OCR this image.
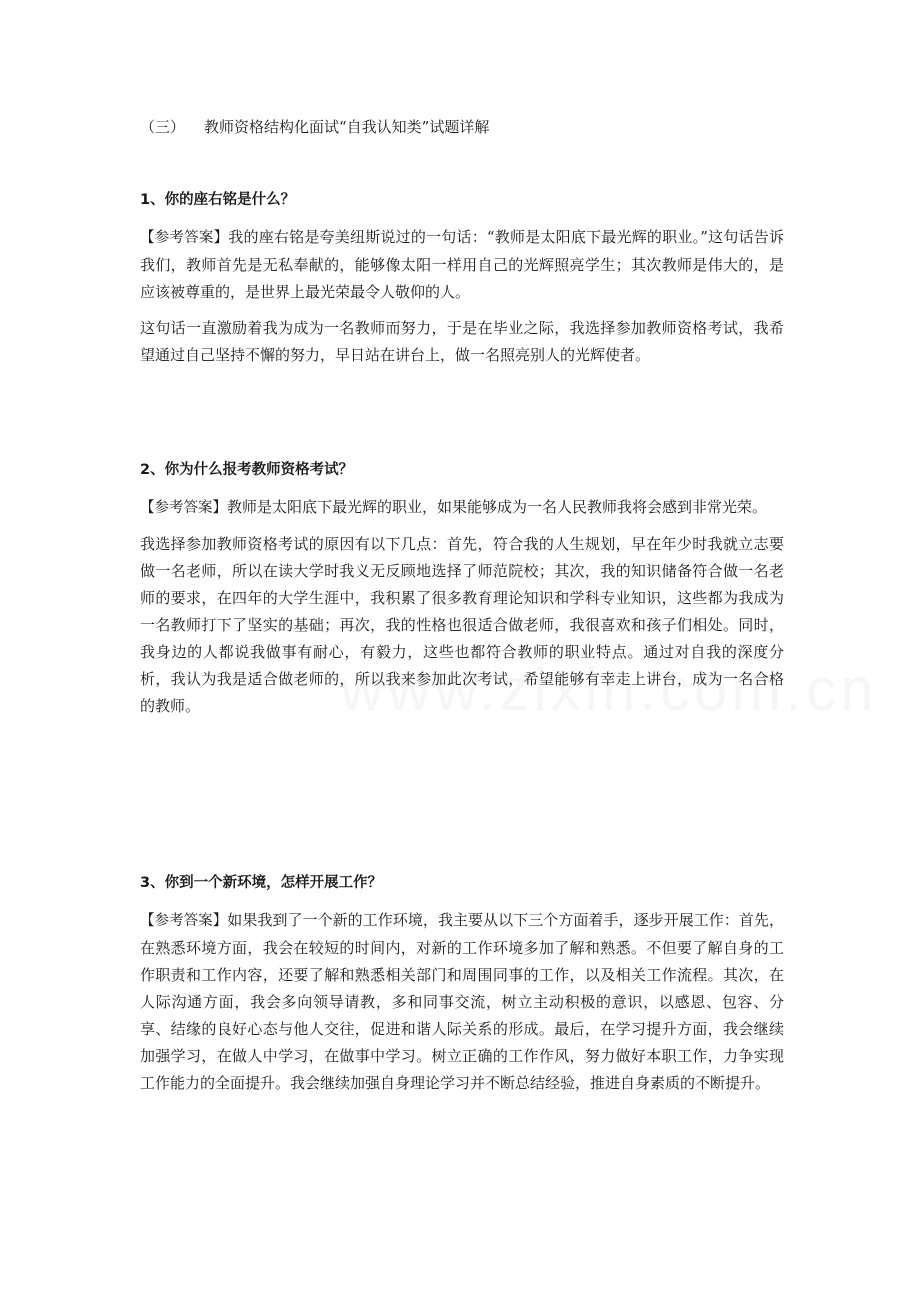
（三） 教师资格结构化面试“自我认知类”试题详解
1、你的座右铭是什么？

【参考答案】我的座右铭是夸美纽斯说过的一句话：“教师是太阳底下最光辉的职业。”这句话告诉我们，教师首先是无私奉献的，能够像太阳一样用自己的光辉照亮学生；其次教师是伟大的，是应该被尊重的，是世界上最光荣最令人敬仰的人。

这句话一直激励着我为成为一名教师而努力，于是在毕业之际，我选择参加教师资格考试，我希望通过自己坚持不懈的努力，早日站在讲台上，做一名照亮别人的光辉使者。

2、你为什么报考教师资格考试？

【参考答案】教师是太阳底下最光辉的职业，如果能够成为一名人民教师我将会感到非常光荣。

我选择参加教师资格考试的原因有以下几点：首先，符合我的人生规划，早在年少时我就立志要做一名老师，所以在读大学时我义无反顾地选择了师范院校；其次，我的知识储备符合做一名老师的要求，在四年的大学生涯中，我积累了很多教育理论知识和学科专业知识，这些都为我成为一名教师打下了坚实的基础；再次，我的性格也很适合做老师，我很喜欢和孩子们相处。同时，我身边的人都说我做事有耐心，有毅力，这些也都符合教师的职业特点。通过对自我的深度分析，我认为我是适合做老师的，所以我来参加此次考试，希望能够有幸走上讲台，成为一名合格的教师。

3、你到一个新环境，怎样开展工作？

【参考答案】如果我到了一个新的工作环境，我主要从以下三个方面着手，逐步开展工作：首先，在熟悉环境方面，我会在较短的时间内，对新的工作环境多加了解和熟悉。不但要了解自身的工作职责和工作内容，还要了解和熟悉相关部门和周围同事的工作，以及相关工作流程。其次，在人际沟通方面，我会多向领导请教，多和同事交流，树立主动积极的意识，以感恩、包容、分享、结缘的良好心态与他人交往，促进和谐人际关系的形成。最后，在学习提升方面，我会继续加强学习，在做人中学习，在做事中学习。树立正确的工作作风，努力做好本职工作，力争实现工作能力的全面提升。我会继续加强自身理论学习并不断总结经验，推进自身素质的不断提升。
